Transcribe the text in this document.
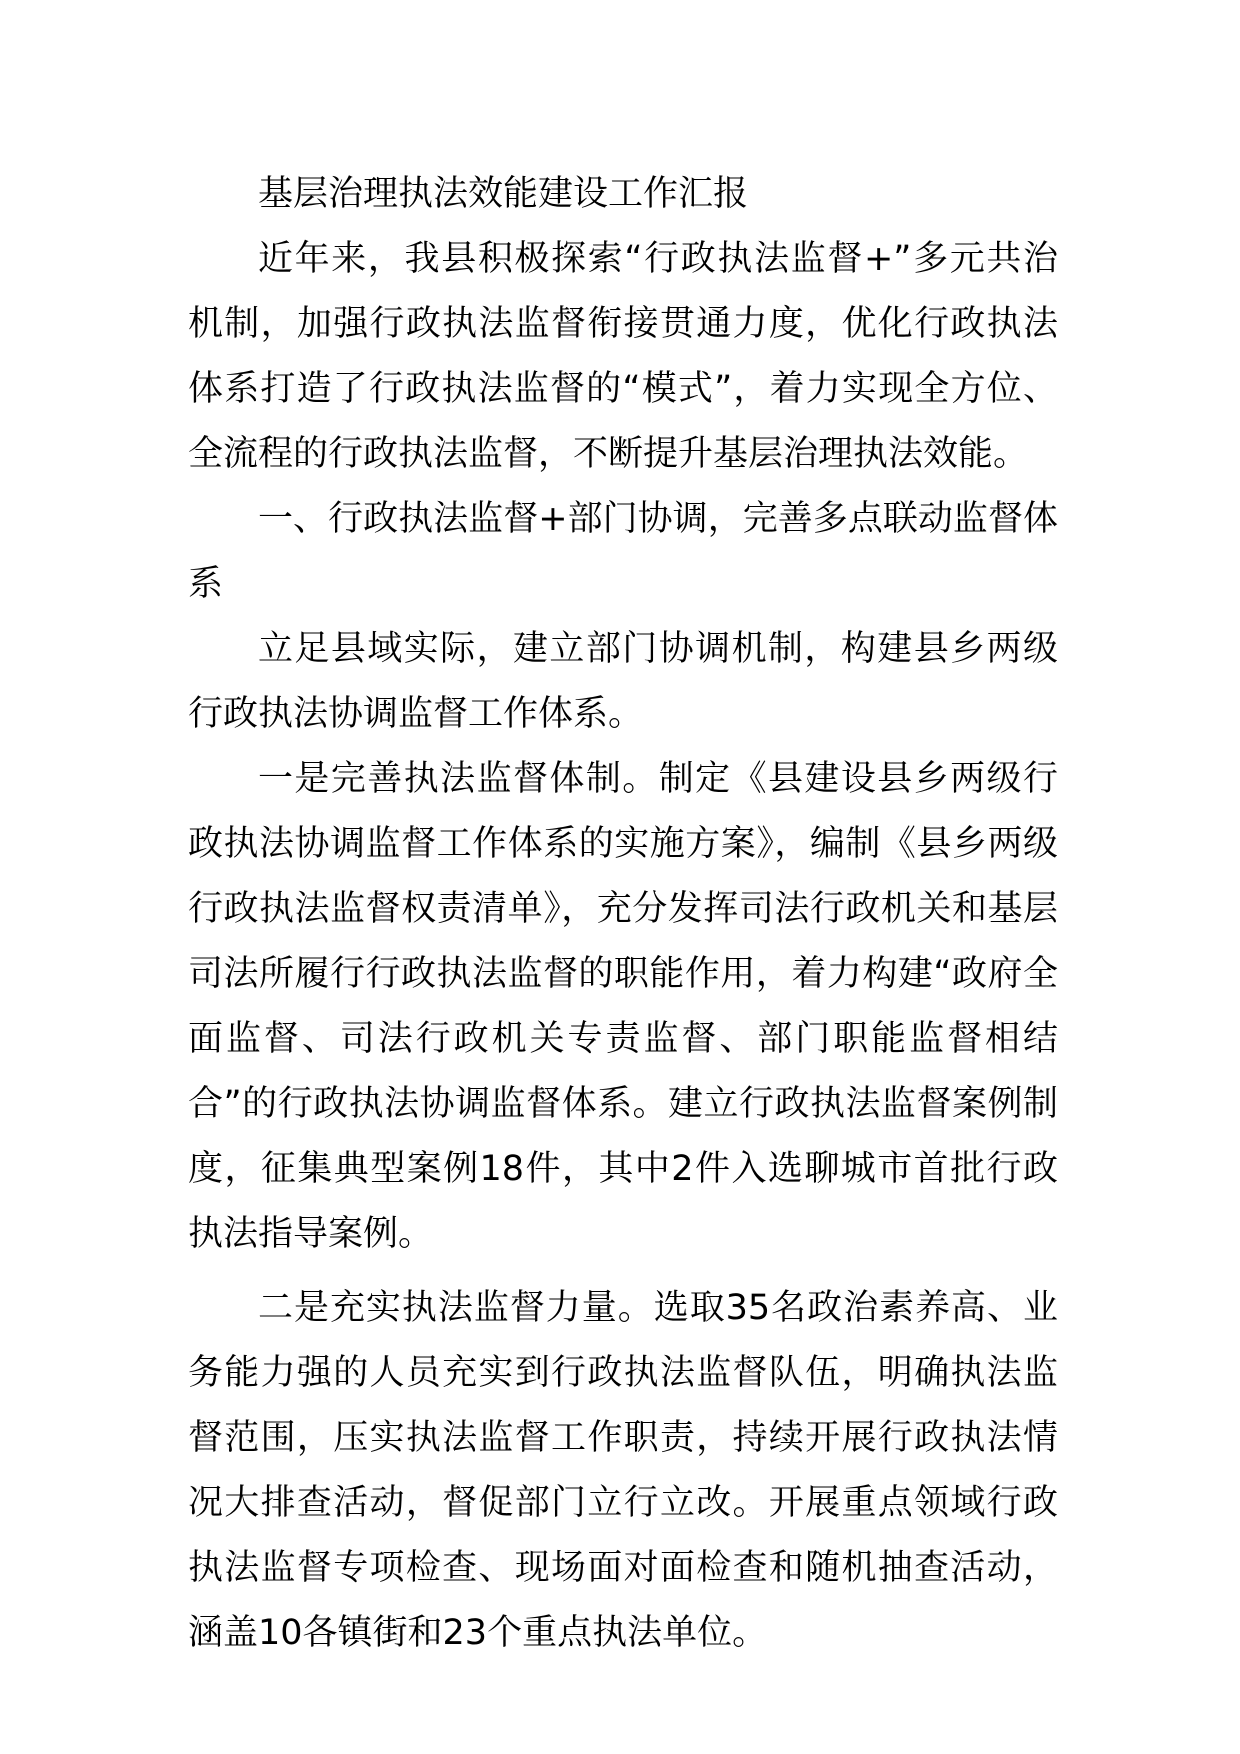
基层治理执法效能建设工作汇报

近年来，我县积极探索“行政执法监督+”多元共治机制，加强行政执法监督衔接贯通力度，优化行政执法体系打造了行政执法监督的“模式”，着力实现全方位、全流程的行政执法监督，不断提升基层治理执法效能。

一、行政执法监督+部门协调，完善多点联动监督体系

立足县域实际，建立部门协调机制，构建县乡两级行政执法协调监督工作体系。

一是完善执法监督体制。制定《县建设县乡两级行政执法协调监督工作体系的实施方案》，编制《县乡两级行政执法监督权责清单》，充分发挥司法行政机关和基层司法所履行行政执法监督的职能作用，着力构建“政府全面监督、司法行政机关专责监督、部门职能监督相结合”的行政执法协调监督体系。建立行政执法监督案例制度，征集典型案例18件，其中2件入选聊城市首批行政执法指导案例。

二是充实执法监督力量。选取35名政治素养高、业务能力强的人员充实到行政执法监督队伍，明确执法监督范围，压实执法监督工作职责，持续开展行政执法情况大排查活动，督促部门立行立改。开展重点领域行政执法监督专项检查、现场面对面检查和随机抽查活动，涵盖10各镇街和23个重点执法单位。
